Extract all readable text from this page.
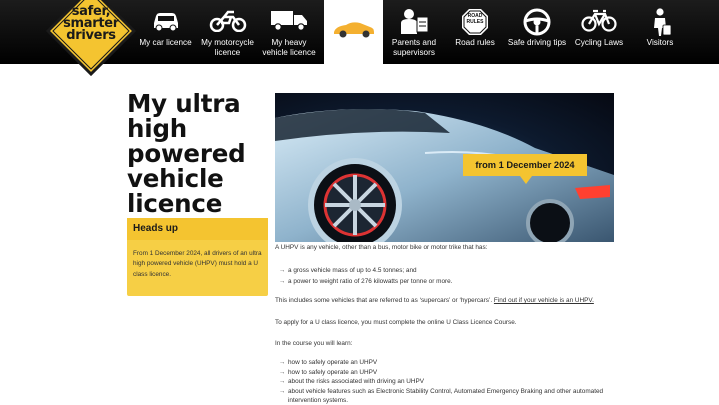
safer,
smarter
drivers	My car licence My motorcycle licence
My heavy vehicle licence
Parents and supervisors
ROAD RULES
Road rules	Safe driving tips	Cycling Laws	Visitors
My ultra high powered vehicle licence
Heads up
From 1 December 2024, all drivers of an ultra high powered vehicle (UHPV) must hold a U class licence.
from 1 December 2024

A UHPV is any vehicle, other than a bus, motor bike or motor trike that has:

→ a gross vehicle mass of up to 4.5 tonnes; and
→ a power to weight ratio of 276 kilowatts per tonne or more.

This includes some vehicles that are referred to as ‘supercars’ or ‘hypercars’. Find out if your vehicle is an UHPV.

To apply for a U class licence, you must complete the online U Class Licence Course.

In the course you will learn:

→ how to safely operate an UHPV
→ how to safely operate an UHPV
→ about the risks associated with driving an UHPV
→ about vehicle features such as Electronic Stability Control, Automated Emergency Braking and other automated intervention systems.
